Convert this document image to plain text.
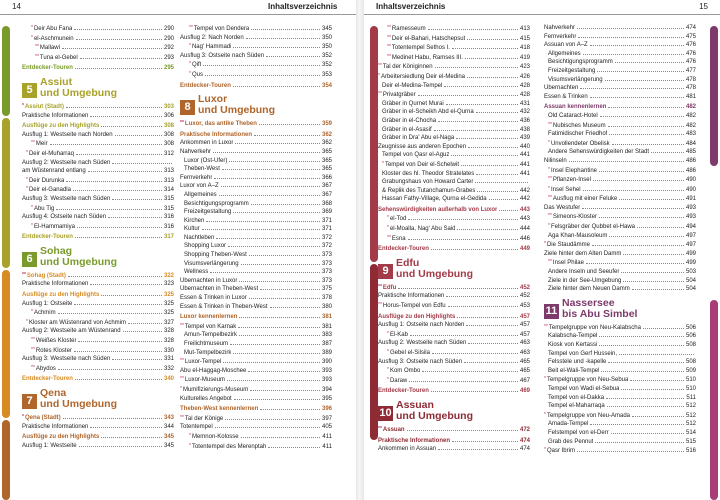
14	Inhaltsverzeichnis
*Deir Abu Fana	290
*el-Aschmunein	290
**Mallawi	292
**Tuna el-Gebel	293
Entdecker-Touren	295
5
Assiut
und Umgebung
*Assiut (Stadt)	303
Praktische Informationen	306
Ausflüge zu den Highlights	308
Ausflug 1: Westseite nach Norden	308
**Meir	308
*Deir el-Muharraq	312
Ausflug 2: Westseite nach Süden
am Wüstenrand entlang	313
*Deir Durunka	313
*Deir el-Ganadla	314
Ausflug 3: Westseite nach Süden	315
*Abu Tig	315
Ausflug 4: Ostseite nach Süden	316
*El-Hammamiya	316
Entdecker-Touren	317
6
Sohag
und Umgebung
**Sohag (Stadt)	322
Praktische Informationen	323
Ausflüge zu den Highlights	325
Ausflug 1: Ostseite	325
*Achmim	325
*Kloster am Wüstenrand von Achmim	327
Ausflug 2: Westseite am Wüstenrand	328
**Weißes Kloster	328
**Rotes Kloster	330
Ausflug 3: Westseite nach Süden	331
**Abydos	332
Entdecker-Touren	340
7
Qena
und Umgebung
*Qena (Stadt)	343
Praktische Informationen	344
Ausflüge zu den Highlights	345
Ausflug 1: Westseite	345
**Tempel von Dendera	345
Ausflug 2: Nach Norden	350
*Nag' Hammadi	350
Ausflug 3: Ostseite nach Süden	352
*Qift	352
*Qus	353
Entdecker-Touren	354
8
Luxor
und Umgebung
**Luxor, das antike Theben	359
Praktische Informationen	362
Ankommen in Luxor	362
Nahverkehr	365
Luxor (Ost-Ufer)	365
Theben-West	365
Fernverkehr	366
Luxor von A–Z	367
Allgemeines	367
Besichtigungsprogramm	368
Freizeitgestaltung	369
Kirchen	371
Kultur	371
Nachtleben	372
Shopping Luxor	372
Shopping Theben-West	373
Visumsverlängerung	373
Wellness	373
Übernachten in Luxor	373
Übernachten in Theben-West	375
Essen & Trinken in Luxor	378
Essen & Trinken in Theben-West	380
Luxor kennenlernen	381
**Tempel von Karnak	381
Amun-Tempelbezirk	383
Freilichtmuseum	387
Mut-Tempelbezirk	389
**Luxor-Tempel	390
Abu el-Haggag-Moschee	393
**Luxor-Museum	393
*Mumifizierungs-Museum	394
Kulturelles Angebot	395
Theben-West kennenlernen	396
**Tal der Könige	397
Totentempel	405
*Memnon-Kolosse	411
*Totentempel des Merenptah	411
Inhaltsverzeichnis	15
**Ramesseum	413
**Deir el-Bahari, Hatschepsut	415
**Totentempel Sethos I.	418
**Medinet Habu, Ramses III.	419
**Tal der Königinnen	423
*Arbeitersiedlung Deir el-Medina	426
Deir el-Medina-Tempel	428
**Privatgräber	428
Gräber in Qurnet Murai	431
Gräber in el-Scheikh Abd el-Qurna	432
Gräber in el-Chocha	436
Gräber in el-Asasif	438
Gräber in Dra' Abu el-Naga	439
Zeugnisse aus anderen Epochen	440
Tempel von Qasr el-Aguz	441
*Tempel von Deir el-Schelwit	441
Kloster des hl. Theodor Stratelates	441
Grabungshaus von Howard Carter
& Replik des Tutanchamun-Grabes	442
Hassan Fathy-Village, Qurna el-Gedida	442
Sehenswürdigkeiten außerhalb von Luxor	443
*el-Tod	443
*el-Moalla, Nag' Abu Said	444
**Esna	446
Entdecker-Touren	449
9
Edfu
und Umgebung
**Edfu	452
Praktische Informationen	452
**Horus-Tempel von Edfu	453
Ausflüge zu den Highlights	457
Ausflug 1: Ostseite nach Norden	457
*El-Kab	457
Ausflug 2: Westseite nach Süden	463
*Gebel el-Silsila	463
Ausflug 3: Ostseite nach Süden	465
*Kom Ombo	465
*Daraw	467
Entdecker-Touren	469
10
Assuan
und Umgebung
**Assuan	472
Praktische Informationen	474
Ankommen in Assuan	474
Nahverkehr	474
Fernverkehr	475
Assuan von A–Z	476
Allgemeines	476
Besichtigungsprogramm	476
Freizeitgestaltung	477
Visumsverlängerung	478
Übernachten	478
Essen & Trinken	481
Assuan kennenlernen	482
Old Cataract-Hotel	482
**Nubisches Museum	482
Fatimidischer Friedhof	483
*Unvollendeter Obelisk	484
Andere Sehenswürdigkeiten der Stadt	485
Nilinseln	486
*Insel Elephantine	486
**Pflanzen-Insel	490
*Insel Sehel	490
**Ausflug mit einer Feluke	491
Das Westufer	493
**Simeons-Kloster	493
*Felsgräber der Qubbet el-Hawa	494
Aga Khan-Mausoleum	497
*Die Staudämme	497
Ziele hinter dem Alten Damm	499
**Insel Philae	499
Andere Inseln und Seeufer	503
Ziele in der See-Umgebung	504
Ziele hinter dem Neuen Damm	504
11
Nassersee
bis Abu Simbel
**Tempelgruppe von Neu-Kalabscha	506
Kalabscha-Tempel	506
Kiosk von Kertassi	508
Tempel von Gerf Hussein,
Felsstele und -kapelle	508
Beit el-Wali-Tempel	509
*Tempelgruppe von Neu-Sebua	510
Tempel von Wadi el-Sebua	510
Tempel von el-Dakka	511
Tempel el-Maharraqa	512
*Tempelgruppe von Neu-Amada	512
Amada-Tempel	512
Felstempel von el-Derr	514
Grab des Pennut	515
*Qasr Ibrim	516
